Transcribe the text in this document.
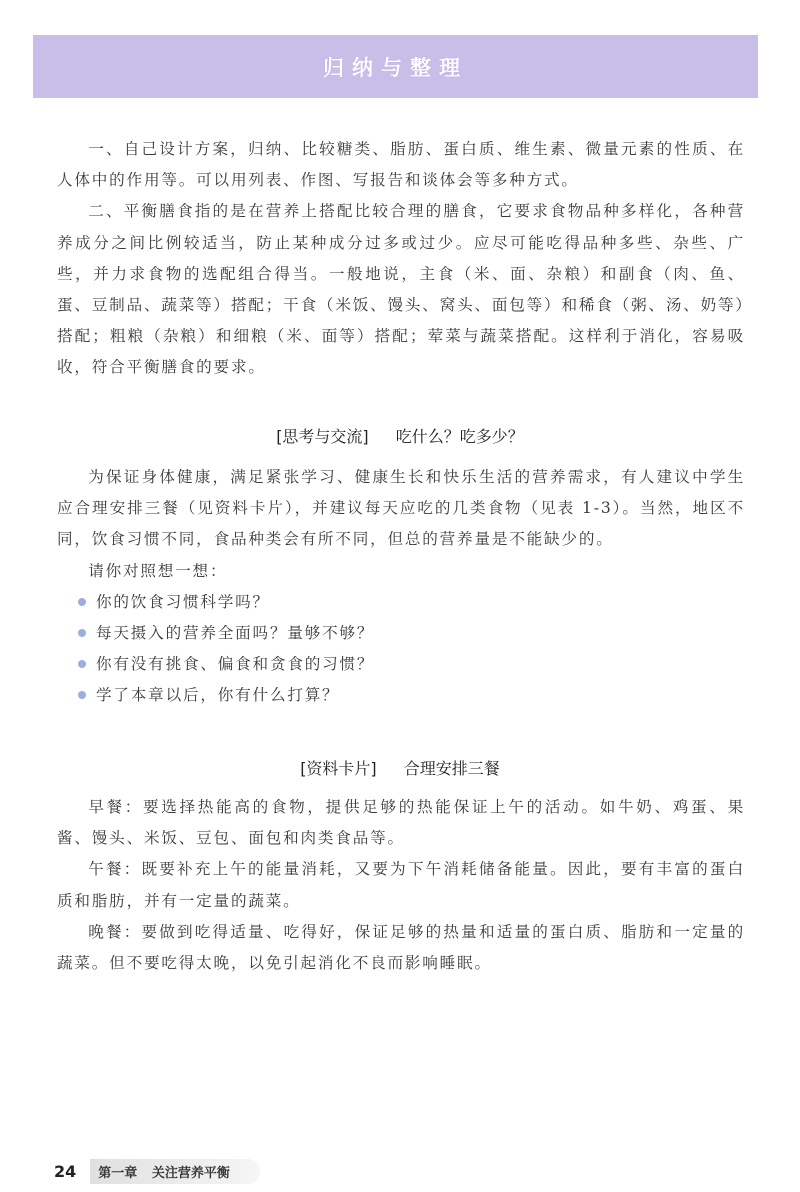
归纳与整理

一、自己设计方案，归纳、比较糖类、脂肪、蛋白质、维生素、微量元素的性质、在人体中的作用等。可以用列表、作图、写报告和谈体会等多种方式。

二、平衡膳食指的是在营养上搭配比较合理的膳食，它要求食物品种多样化，各种营养成分之间比例较适当，防止某种成分过多或过少。应尽可能吃得品种多些、杂些、广些，并力求食物的选配组合得当。一般地说，主食（米、面、杂粮）和副食（肉、鱼、蛋、豆制品、蔬菜等）搭配；干食（米饭、馒头、窝头、面包等）和稀食（粥、汤、奶等）搭配；粗粮（杂粮）和细粮（米、面等）搭配；荤菜与蔬菜搭配。这样利于消化，容易吸收，符合平衡膳食的要求。

[思考与交流] 吃什么？吃多少？

为保证身体健康，满足紧张学习、健康生长和快乐生活的营养需求，有人建议中学生应合理安排三餐（见资料卡片），并建议每天应吃的几类食物（见表 1-3）。当然，地区不同，饮食习惯不同，食品种类会有所不同，但总的营养量是不能缺少的。

请你对照想一想：

你的饮食习惯科学吗？
每天摄入的营养全面吗？量够不够？
你有没有挑食、偏食和贪食的习惯？
学了本章以后，你有什么打算？
[资料卡片] 合理安排三餐

早餐：要选择热能高的食物，提供足够的热能保证上午的活动。如牛奶、鸡蛋、果酱、馒头、米饭、豆包、面包和肉类食品等。

午餐：既要补充上午的能量消耗，又要为下午消耗储备能量。因此，要有丰富的蛋白质和脂肪，并有一定量的蔬菜。

晚餐：要做到吃得适量、吃得好，保证足够的热量和适量的蛋白质、脂肪和一定量的蔬菜。但不要吃得太晚，以免引起消化不良而影响睡眠。

24	第一章 关注营养平衡
